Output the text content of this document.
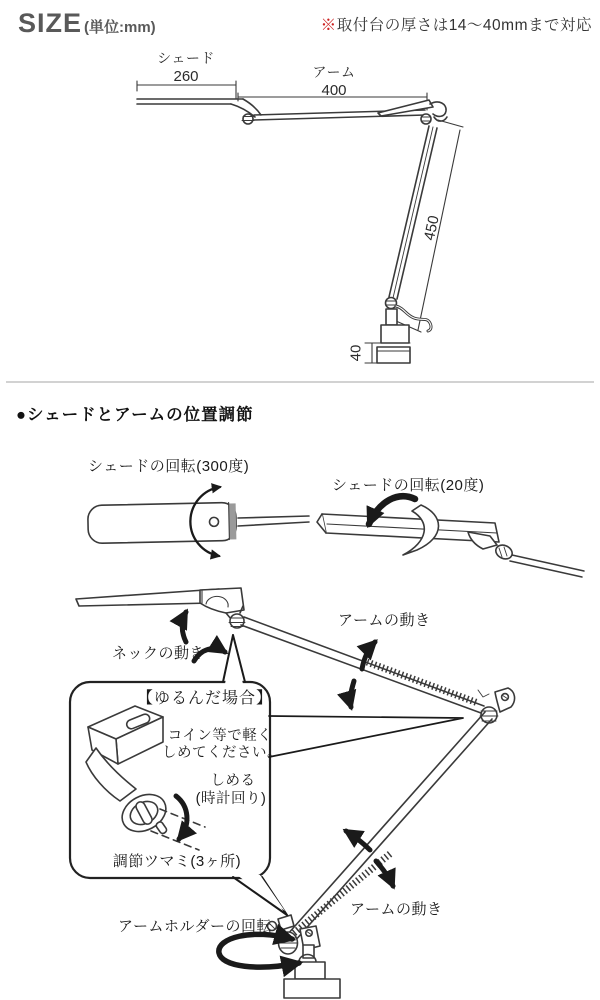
SIZE (単位:mm)	※取付台の厚さは14〜40mmまで対応
シェード
260	アーム
400
450
40
●シェードとアームの位置調節
シェードの回転(300度)
シェードの回転(20度)
ネックの動き
アームの動き
アームの動き
アームホルダーの回転
【ゆるんだ場合】
コイン等で軽く
しめてください。
しめる
(時計回り)
調節ツマミ(3ヶ所)
